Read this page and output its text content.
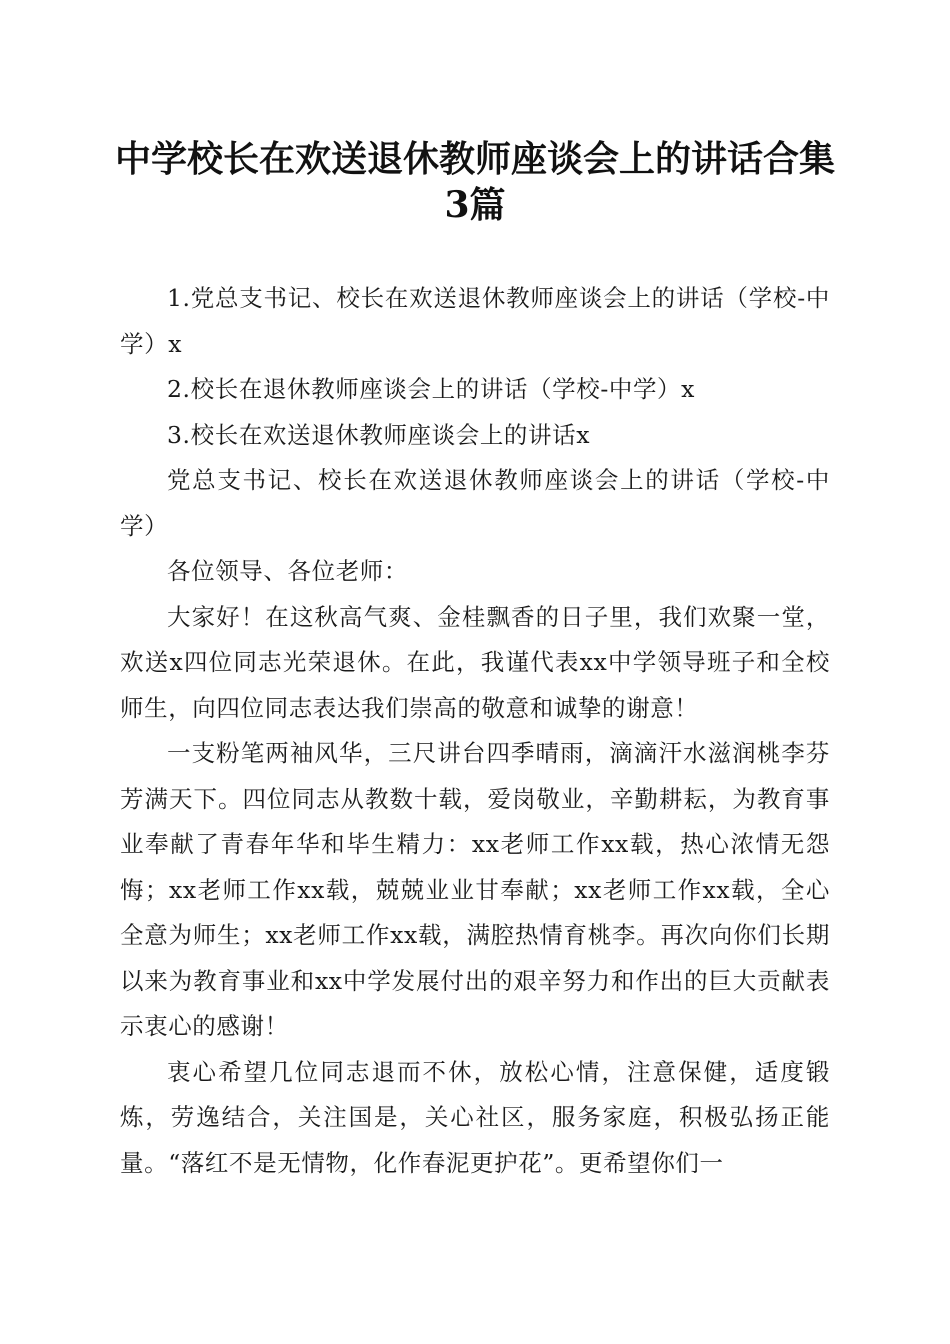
中学校长在欢送退休教师座谈会上的讲话合集
3篇

1.党总支书记、校长在欢送退休教师座谈会上的讲话（学校-中学）x

2.校长在退休教师座谈会上的讲话（学校-中学）x

3.校长在欢送退休教师座谈会上的讲话x

党总支书记、校长在欢送退休教师座谈会上的讲话（学校-中学）

各位领导、各位老师：

大家好！在这秋高气爽、金桂飘香的日子里，我们欢聚一堂，欢送x四位同志光荣退休。在此，我谨代表xx中学领导班子和全校师生，向四位同志表达我们崇高的敬意和诚挚的谢意！

一支粉笔两袖风华，三尺讲台四季晴雨，滴滴汗水滋润桃李芬芳满天下。四位同志从教数十载，爱岗敬业，辛勤耕耘，为教育事业奉献了青春年华和毕生精力：xx老师工作xx载，热心浓情无怨悔；xx老师工作xx载，兢兢业业甘奉献；xx老师工作xx载，全心全意为师生；xx老师工作xx载，满腔热情育桃李。再次向你们长期以来为教育事业和xx中学发展付出的艰辛努力和作出的巨大贡献表示衷心的感谢！

衷心希望几位同志退而不休，放松心情，注意保健，适度锻炼，劳逸结合，关注国是，关心社区，服务家庭，积极弘扬正能量。“落红不是无情物，化作春泥更护花”。更希望你们一
